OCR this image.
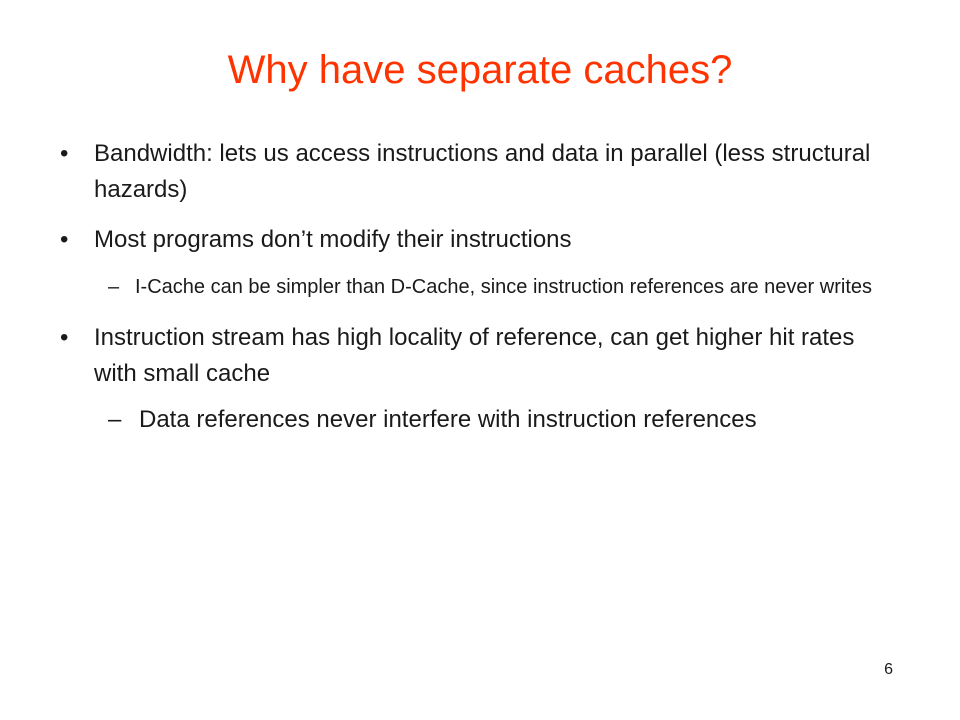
Why have separate caches?
• Bandwidth: lets us access instructions and data in parallel (less structural hazards)
• Most programs don’t modify their instructions
– I-Cache can be simpler than D-Cache, since instruction references are never writes
• Instruction stream has high locality of reference, can get higher hit rates with small cache
– Data references never interfere with instruction references
6
